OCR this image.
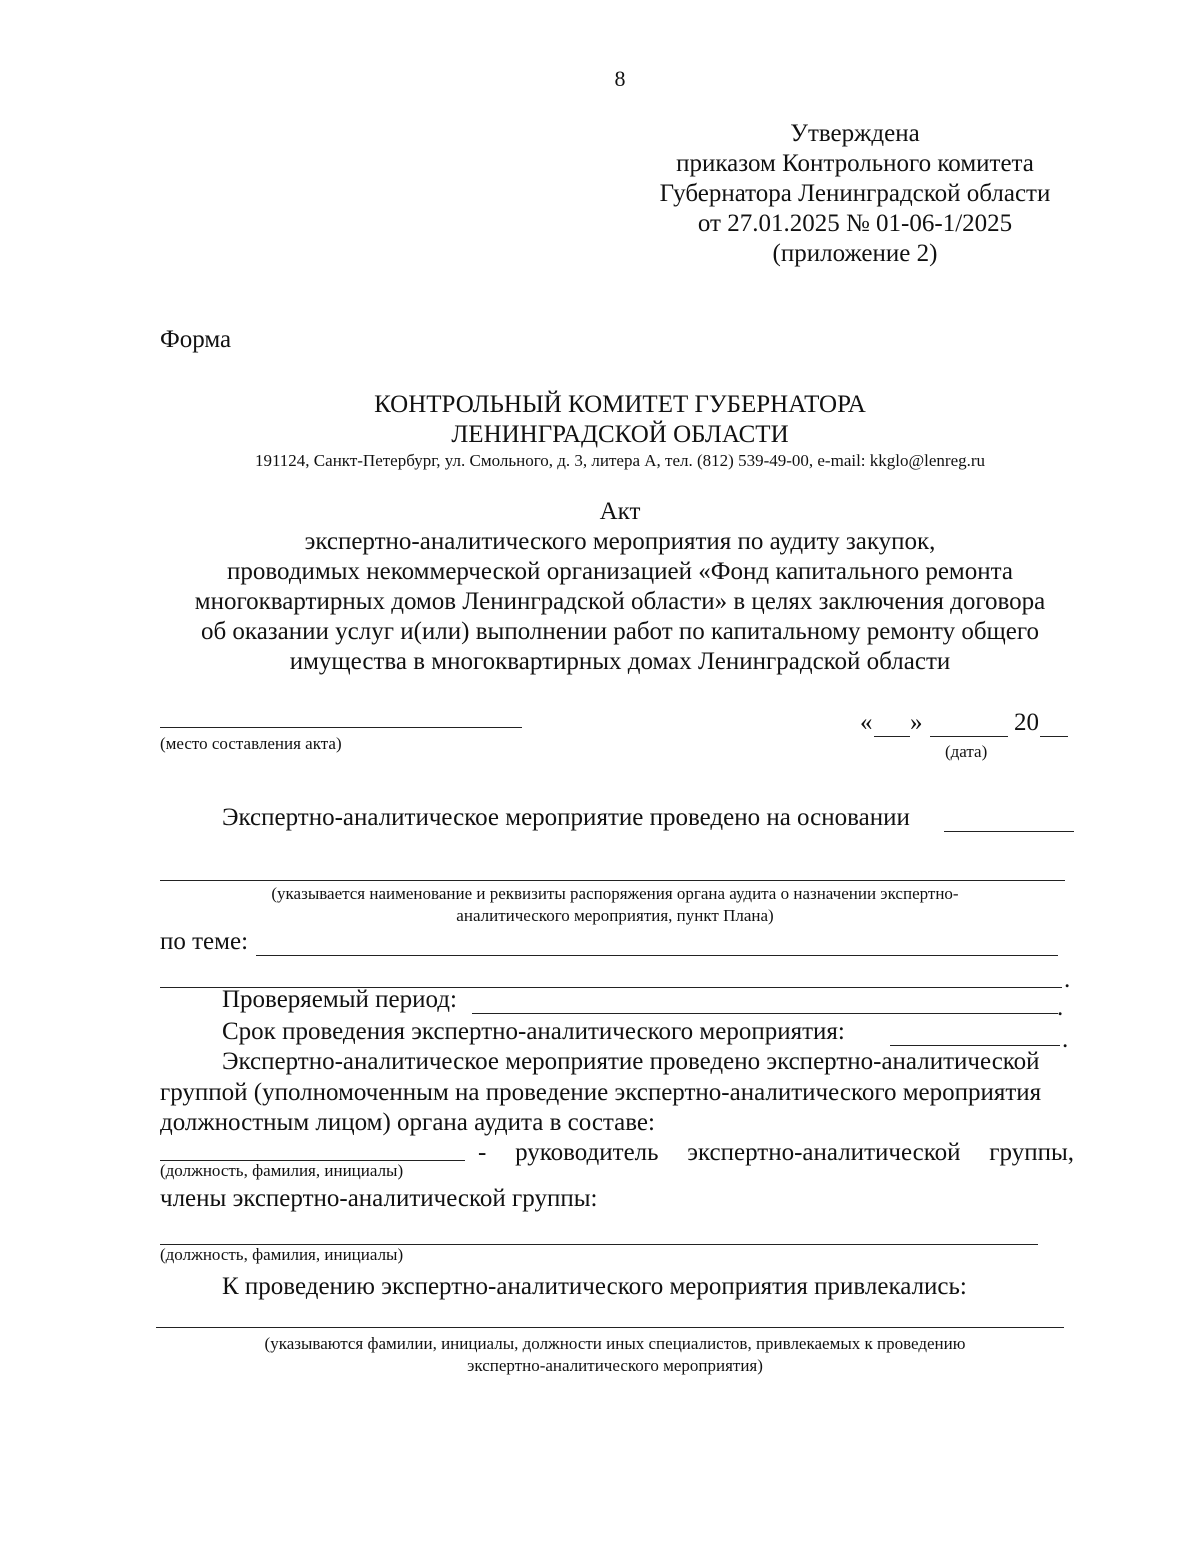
8
Утверждена
приказом Контрольного комитета
Губернатора Ленинградской области
от 27.01.2025 № 01-06-1/2025
(приложение 2)
Форма
КОНТРОЛЬНЫЙ КОМИТЕТ ГУБЕРНАТОРА
ЛЕНИНГРАДСКОЙ ОБЛАСТИ
191124, Санкт-Петербург, ул. Смольного, д. 3, литера А, тел. (812) 539-49-00, e-mail: kkglo@lenreg.ru
Акт
экспертно-аналитического мероприятия по аудиту закупок,
проводимых некоммерческой организацией «Фонд капитального ремонта
многоквартирных домов Ленинградской области» в целях заключения договора
об оказании услуг и(или) выполнении работ по капитальному ремонту общего
имущества в многоквартирных домах Ленинградской области
(место составления акта)
« »	20
(дата)
Экспертно-аналитическое мероприятие проведено на основании
(указывается наименование и реквизиты распоряжения органа аудита о назначении экспертно-
аналитического мероприятия, пункт Плана)
по теме:
.
Проверяемый период:	.
Срок проведения экспертно-аналитического мероприятия:	.
Экспертно-аналитическое мероприятие проведено экспертно-аналитической
группой (уполномоченным на проведение экспертно-аналитического мероприятия
должностным лицом) органа аудита в составе:
- руководитель экспертно-аналитической группы,
(должность, фамилия, инициалы)
члены экспертно-аналитической группы:
(должность, фамилия, инициалы)
К проведению экспертно-аналитического мероприятия привлекались:
(указываются фамилии, инициалы, должности иных специалистов, привлекаемых к проведению
экспертно-аналитического мероприятия)
